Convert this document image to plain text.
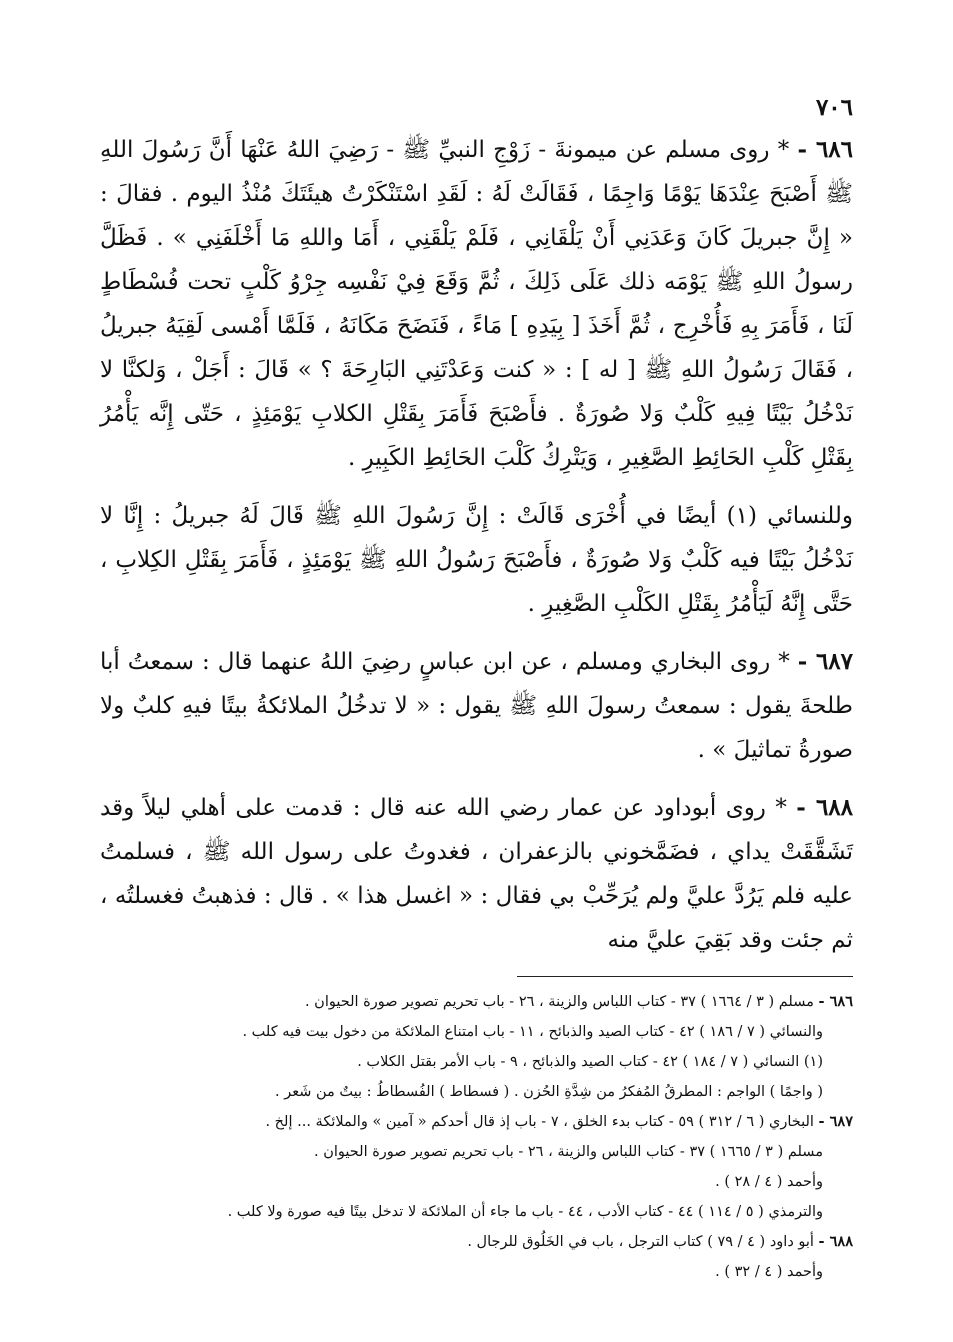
٧٠٦

٦٨٦ - * روى مسلم عن ميمونةَ - زَوْجِ النبيِّ ﷺ - رَضِيَ اللهُ عَنْهَا أَنَّ رَسُولَ اللهِ ﷺ أَصْبَحَ عِنْدَهَا يَوْمًا وَاجِمًا ، فَقَالَتْ لَهُ : لَقَدِ اسْتَنْكَرْتُ هيئَتَكَ مُنْذُ اليوم . فقالَ : « إِنَّ جبريلَ كَانَ وَعَدَنِي أَنْ يَلْقَانِي ، فَلَمْ يَلْقَنِي ، أَمَا واللهِ مَا أَخْلَفَنِي » . فَظَلَّ رسولُ اللهِ ﷺ يَوْمَه ذلك عَلَى ذَلِكَ ، ثُمَّ وَقَعَ فِيْ نَفْسِه جِرْوُ كَلْبٍ تحت فُسْطَاطٍ لَنَا ، فَأَمَرَ بِهِ فَأُخْرِج ، ثُمَّ أَخَذَ [ بِيَدِهِ ] مَاءً ، فَنَضَحَ مَكَانَهُ ، فَلَمَّا أَمْسى لَقِيَهُ جبريلُ ، فَقَالَ رَسُولُ اللهِ ﷺ [ له ] : « كنت وَعَدْتَنِي البَارِحَةَ ؟ » قَالَ : أَجَلْ ، وَلكنَّا لا نَدْخُلُ بَيْتًا فِيهِ كَلْبٌ وَلا صُورَةٌ . فأَصْبَحَ فَأَمَرَ بِقَتْلِ الكلابِ يَوْمَئِذٍ ، حَتّى إِنَّه يَأْمُرُ بِقَتْلِ كَلْبِ الحَائِطِ الصَّغِيرِ ، وَيَتْرِكُ كَلْبَ الحَائِطِ الكَبِيرِ .

وللنسائي (١) أيضًا في أُخْرَى قَالَتْ : إِنَّ رَسُولَ اللهِ ﷺ قَالَ لَهُ جبريلُ : إِنَّا لا نَدْخُلُ بَيْتًا فيه كَلْبٌ وَلا صُورَةٌ ، فأَصْبَحَ رَسُولُ اللهِ ﷺ يَوْمَئِذٍ ، فَأَمَرَ بِقَتْلِ الكِلابِ ، حَتَّى إِنَّهُ لَيَأْمُرُ بِقَتْلِ الكَلْبِ الصَّغِيرِ .

٦٨٧ - * روى البخاري ومسلم ، عن ابن عباسٍ رضِيَ اللهُ عنهما قال : سمعتُ أبا طلحةَ يقول : سمعتُ رسولَ اللهِ ﷺ يقول : « لا تدخُلُ الملائكةُ بيتًا فيهِ كلبٌ ولا صورةُ تماثيلَ » .

٦٨٨ - * روى أبوداود عن عمار رضي الله عنه قال : قدمت على أهلي ليلاً وقد تَشَقَّقَتْ يداي ، فضَمَّخوني بالزعفران ، فغدوتُ على رسول الله ﷺ ، فسلمتُ عليه فلم يَرُدَّ عليَّ ولم يُرَحِّبْ بي فقال : « اغسل هذا » . قال : فذهبتُ فغسلتُه ، ثم جئت وقد بَقِيَ عليَّ منه

٦٨٦ - مسلم ( ٣ / ١٦٦٤ ) ٣٧ - كتاب اللباس والزينة ، ٢٦ - باب تحريم تصوير صورة الحيوان .

والنسائي ( ٧ / ١٨٦ ) ٤٢ - كتاب الصيد والذبائح ، ١١ - باب امتناع الملائكة من دخول بيت فيه كلب .

(١) النسائي ( ٧ / ١٨٤ ) ٤٢ - كتاب الصيد والذبائح ، ٩ - باب الأمر بقتل الكلاب .

( واجمًا ) الواجم : المطرقُ المُفكرُ من شِدَّةِ الحُزن . ( فسطاط ) الفُسطاطُ : بيتٌ من شَعر .

٦٨٧ - البخاري ( ٦ / ٣١٢ ) ٥٩ - كتاب بدء الخلق ، ٧ - باب إذ قال أحدكم « آمين » والملائكة ... إلخ .

مسلم ( ٣ / ١٦٦٥ ) ٣٧ - كتاب اللباس والزينة ، ٢٦ - باب تحريم تصوير صورة الحيوان .

وأحمد ( ٤ / ٢٨ ) .

والترمذي ( ٥ / ١١٤ ) ٤٤ - كتاب الأدب ، ٤٤ - باب ما جاء أن الملائكة لا تدخل بيتًا فيه صورة ولا كلب .

٦٨٨ - أبو داود ( ٤ / ٧٩ ) كتاب الترجل ، باب في الخَلُوق للرجال .

وأحمد ( ٤ / ٣٢ ) .
